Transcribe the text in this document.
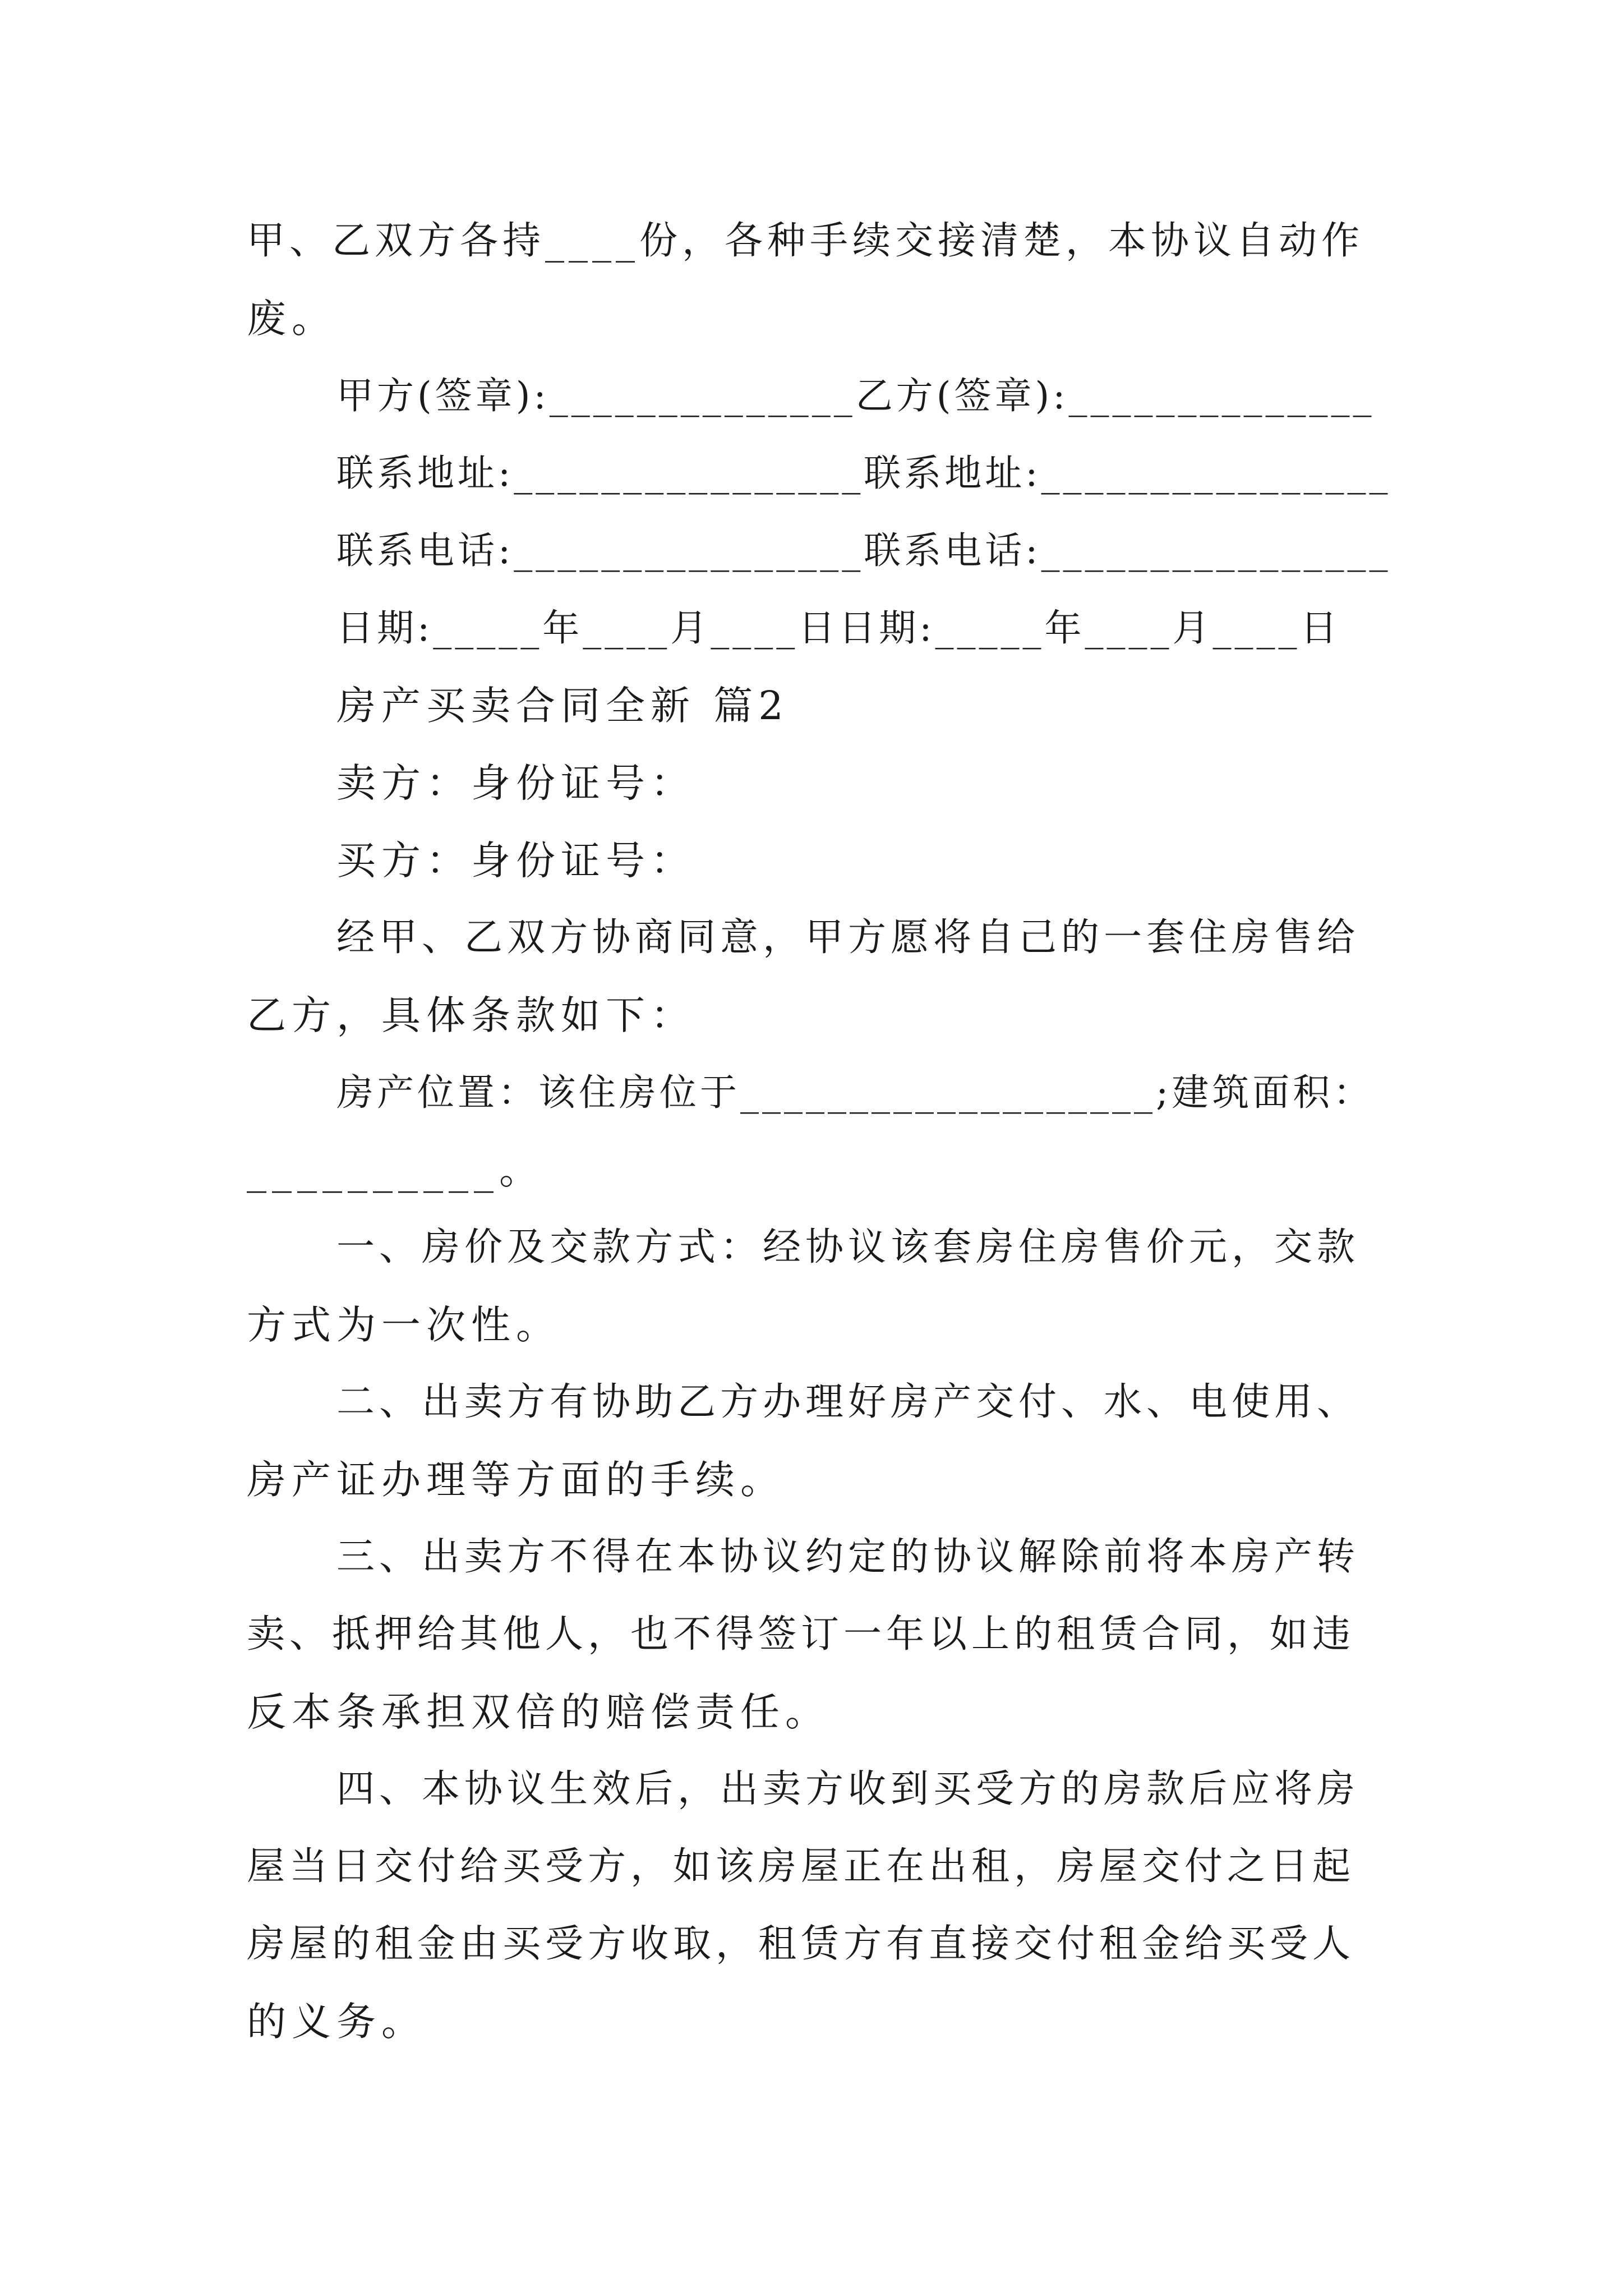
甲、乙双方各持____份，各种手续交接清楚，本协议自动作
废。
甲方(签章):______________乙方(签章):______________
联系地址:________________联系地址:________________
联系电话:________________联系电话:________________
日期:_____年____月____日日期:_____年____月____日
房产买卖合同全新 篇2
卖方：身份证号：
买方：身份证号：
经甲、乙双方协商同意，甲方愿将自己的一套住房售给
乙方，具体条款如下：
房产位置：该住房位于___________________;建筑面积：
__________。
一、房价及交款方式：经协议该套房住房售价元，交款
方式为一次性。
二、出卖方有协助乙方办理好房产交付、水、电使用、
房产证办理等方面的手续。
三、出卖方不得在本协议约定的协议解除前将本房产转
卖、抵押给其他人，也不得签订一年以上的租赁合同，如违
反本条承担双倍的赔偿责任。
四、本协议生效后，出卖方收到买受方的房款后应将房
屋当日交付给买受方，如该房屋正在出租，房屋交付之日起
房屋的租金由买受方收取，租赁方有直接交付租金给买受人
的义务。
